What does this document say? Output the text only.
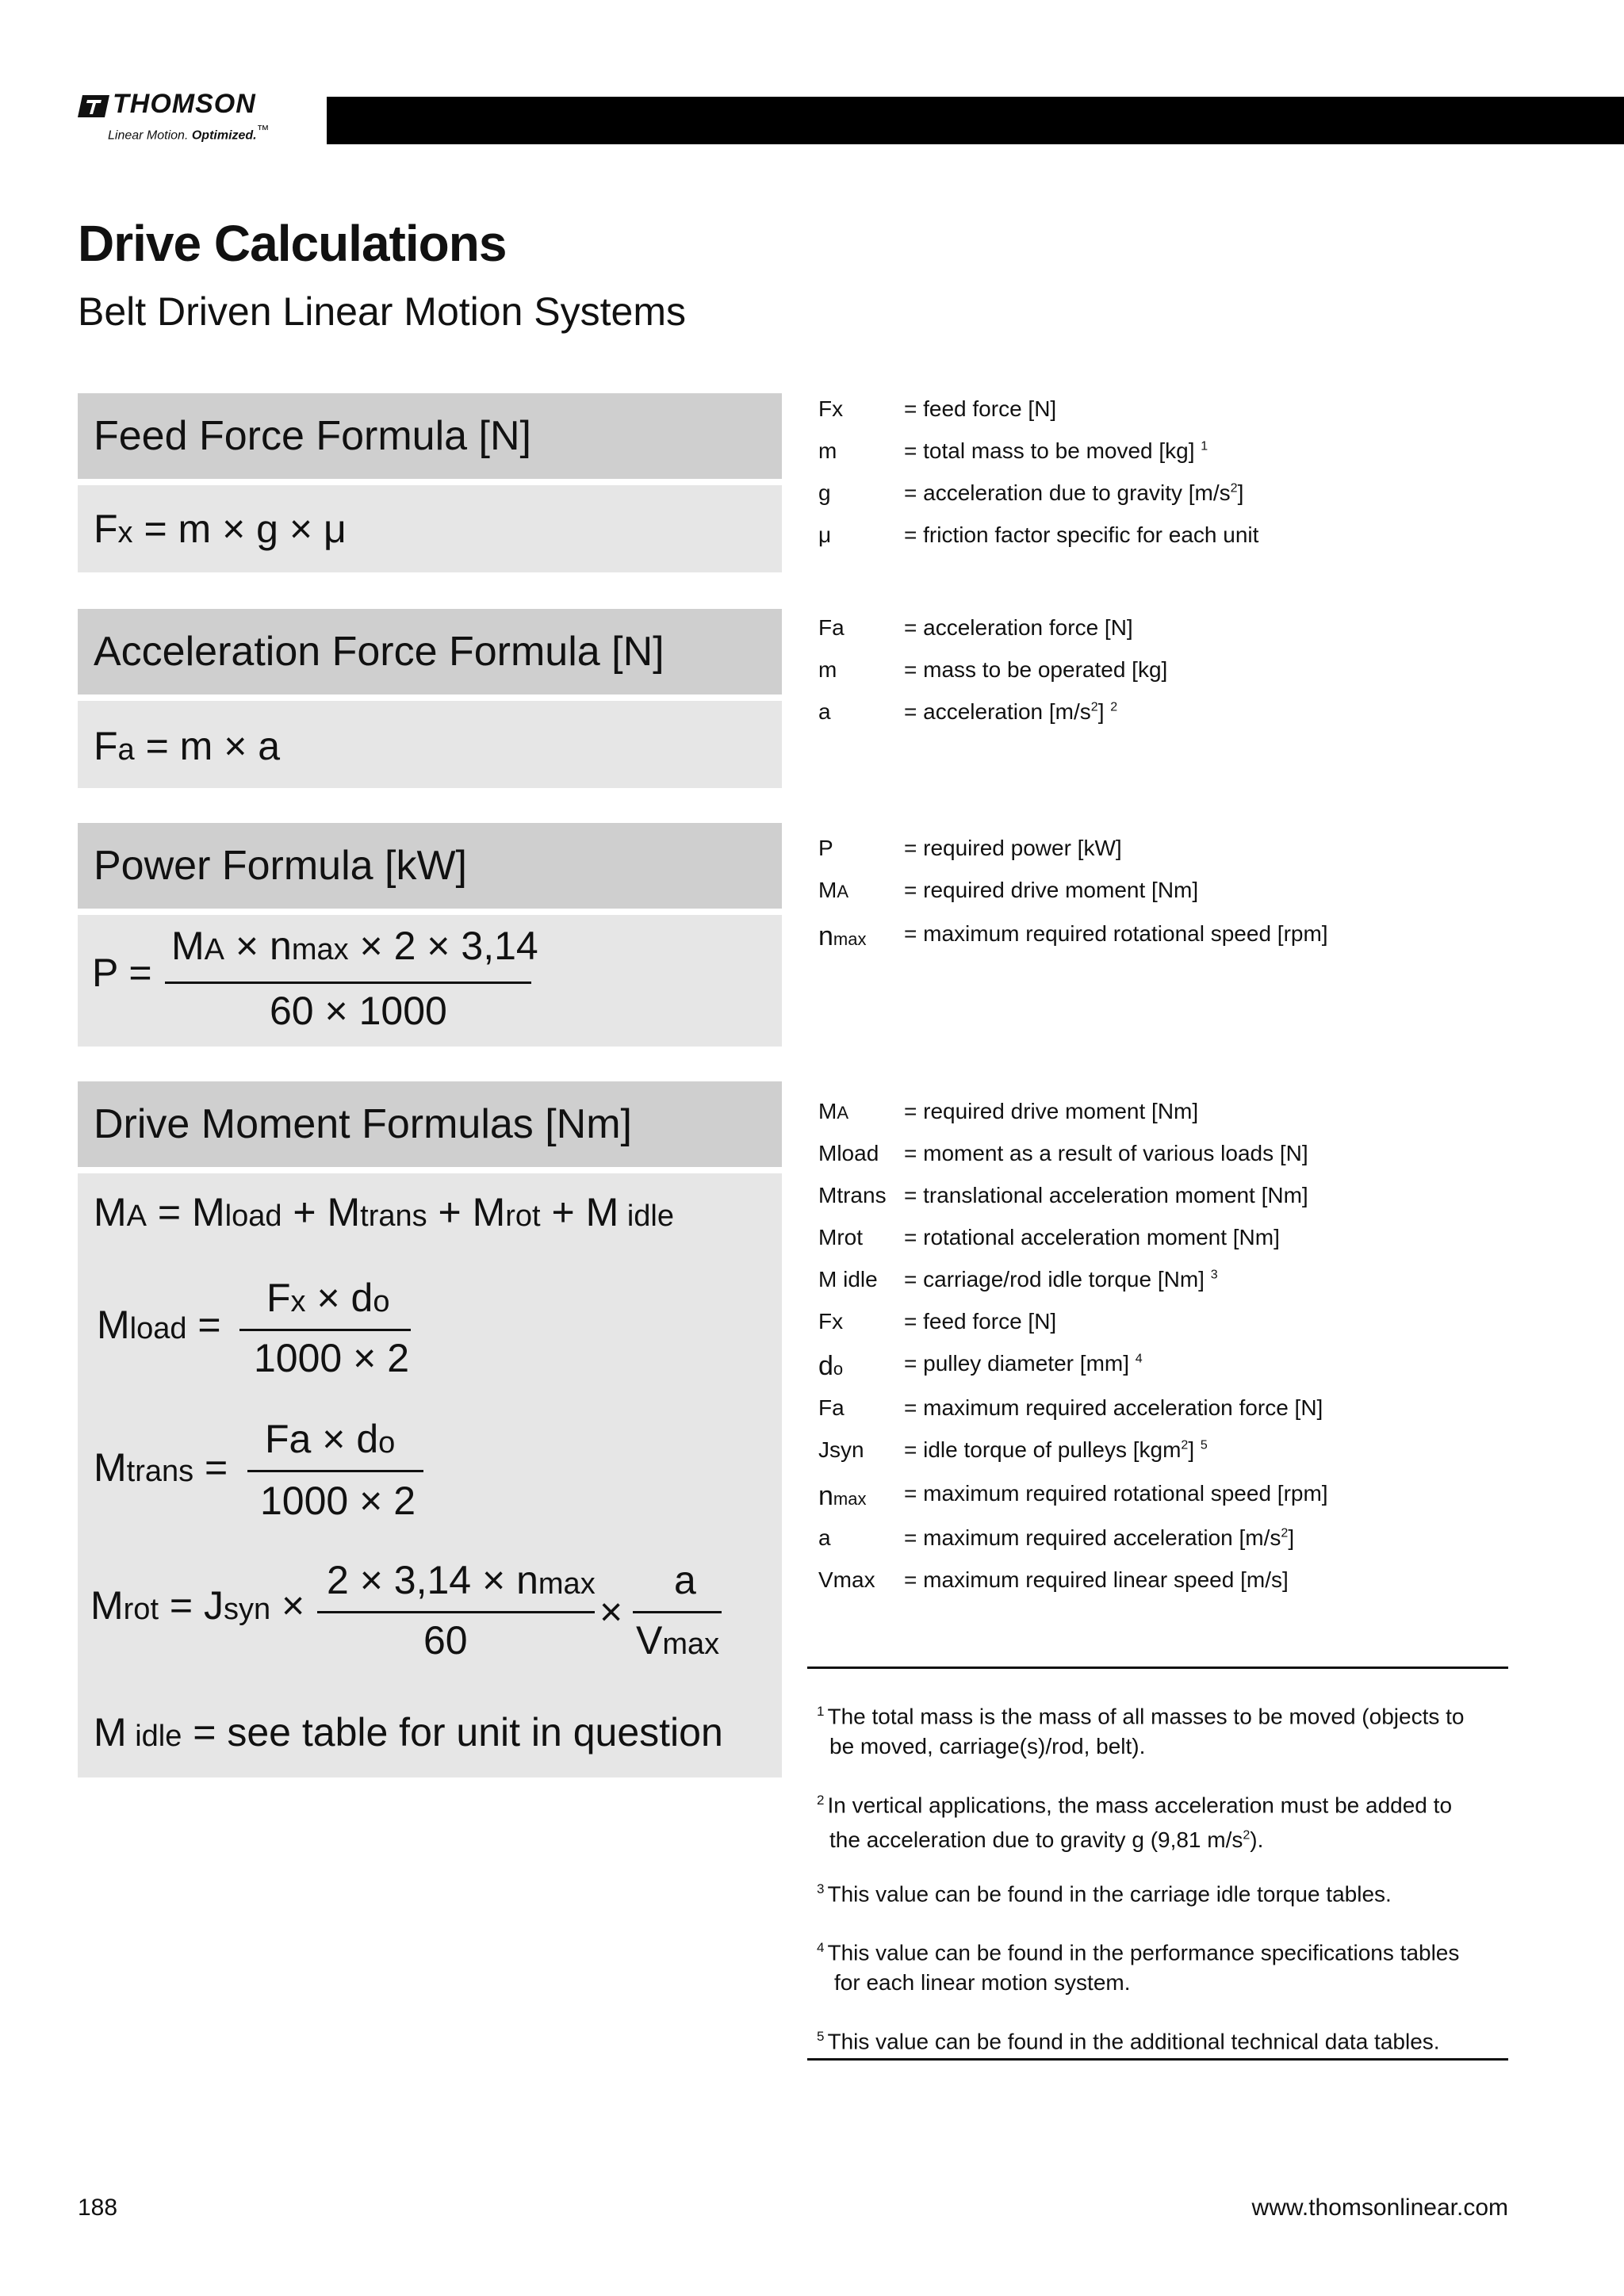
THOMSON
Linear Motion. Optimized.™
Drive Calculations
Belt Driven Linear Motion Systems
Feed Force Formula [N]
Fx = m × g × μ
Acceleration Force Formula [N]
Fa = m × a
Power Formula [kW]
P =
MA × nmax × 2 × 3,14
60 × 1000
Drive Moment Formulas [Nm]
MA = Mload + Mtrans + Mrot + M idle
Mload =
Fx × do
1000 × 2
Mtrans =
Fa × do
1000 × 2
Mrot = Jsyn ×
2 × 3,14 × nmax
60
×
a
Vmax
M idle = see table for unit in question
Fx	= feed force [N]
m	= total mass to be moved [kg] $^1$
g	= acceleration due to gravity $[m/s^2]$
μ	= friction factor specific for each unit
Fa	= acceleration force [N]
m	= mass to be operated [kg]
a	= acceleration $[m/s^2]$ $^2$
P	= required power [kW]
MA = required drive moment [Nm]
nmax = maximum required rotational speed [rpm]
MA = required drive moment [Nm]
Mload = moment as a result of various loads [N]
Mtrans = translational acceleration moment [Nm]
Mrot = rotational acceleration moment [Nm]
M idle = carriage/rod idle torque [Nm] $^3$
Fx	= feed force [N]
do	= pulley diameter [mm] $^4$
Fa	= maximum required acceleration force [N]
Jsyn = idle torque of pulleys [kgm$^2$] $^5$
nmax = maximum required rotational speed [rpm]
a	= maximum required acceleration $[m/s^2]$
Vmax = maximum required linear speed [m/s]
$^1$ The total mass is the mass of all masses to be moved (objects to
be moved, carriage(s)/rod, belt).
$^2$ In vertical applications, the mass acceleration must be added to
the acceleration due to gravity g (9,81 $m/s^2$).
$^3$ This value can be found in the carriage idle torque tables.
$^4$ This value can be found in the performance specifications tables
for each linear motion system.
$^5$ This value can be found in the additional technical data tables.
188	www.thomsonlinear.com
